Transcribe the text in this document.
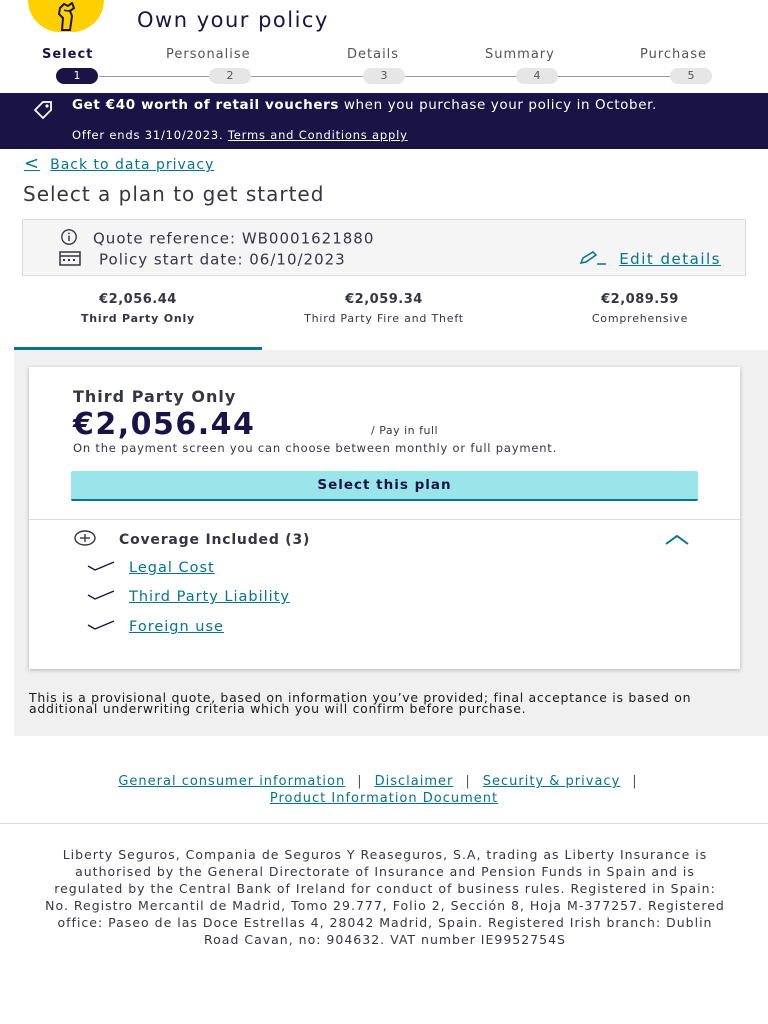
Own your policy
Select	Personalise	Details	Summary	Purchase
1	2	3	4	5
Get €40 worth of retail vouchers when you purchase your policy in October.
Offer ends 31/10/2023. Terms and Conditions apply
< Back to data privacy
Select a plan to get started
Quote reference: WB0001621880
Policy start date: 06/10/2023	Edit details
€2,056.44
Third Party Only
€2,059.34
Third Party Fire and Theft
€2,089.59
Comprehensive
Third Party Only
€2,056.44	/ Pay in full
On the payment screen you can choose between monthly or full payment.
Select this plan
Coverage Included (3)
Legal Cost
Third Party Liability
Foreign use
This is a provisional quote, based on information you’ve provided; final acceptance is based on additional underwriting criteria which you will confirm before purchase.
General consumer information | Disclaimer | Security & privacy |
Product Information Document
Liberty Seguros, Compania de Seguros Y Reaseguros, S.A, trading as Liberty Insurance is authorised by the General Directorate of Insurance and Pension Funds in Spain and is regulated by the Central Bank of Ireland for conduct of business rules. Registered in Spain: No. Registro Mercantil de Madrid, Tomo 29.777, Folio 2, Sección 8, Hoja M-377257. Registered office: Paseo de las Doce Estrellas 4, 28042 Madrid, Spain. Registered Irish branch: Dublin Road Cavan, no: 904632. VAT number IE9952754S
